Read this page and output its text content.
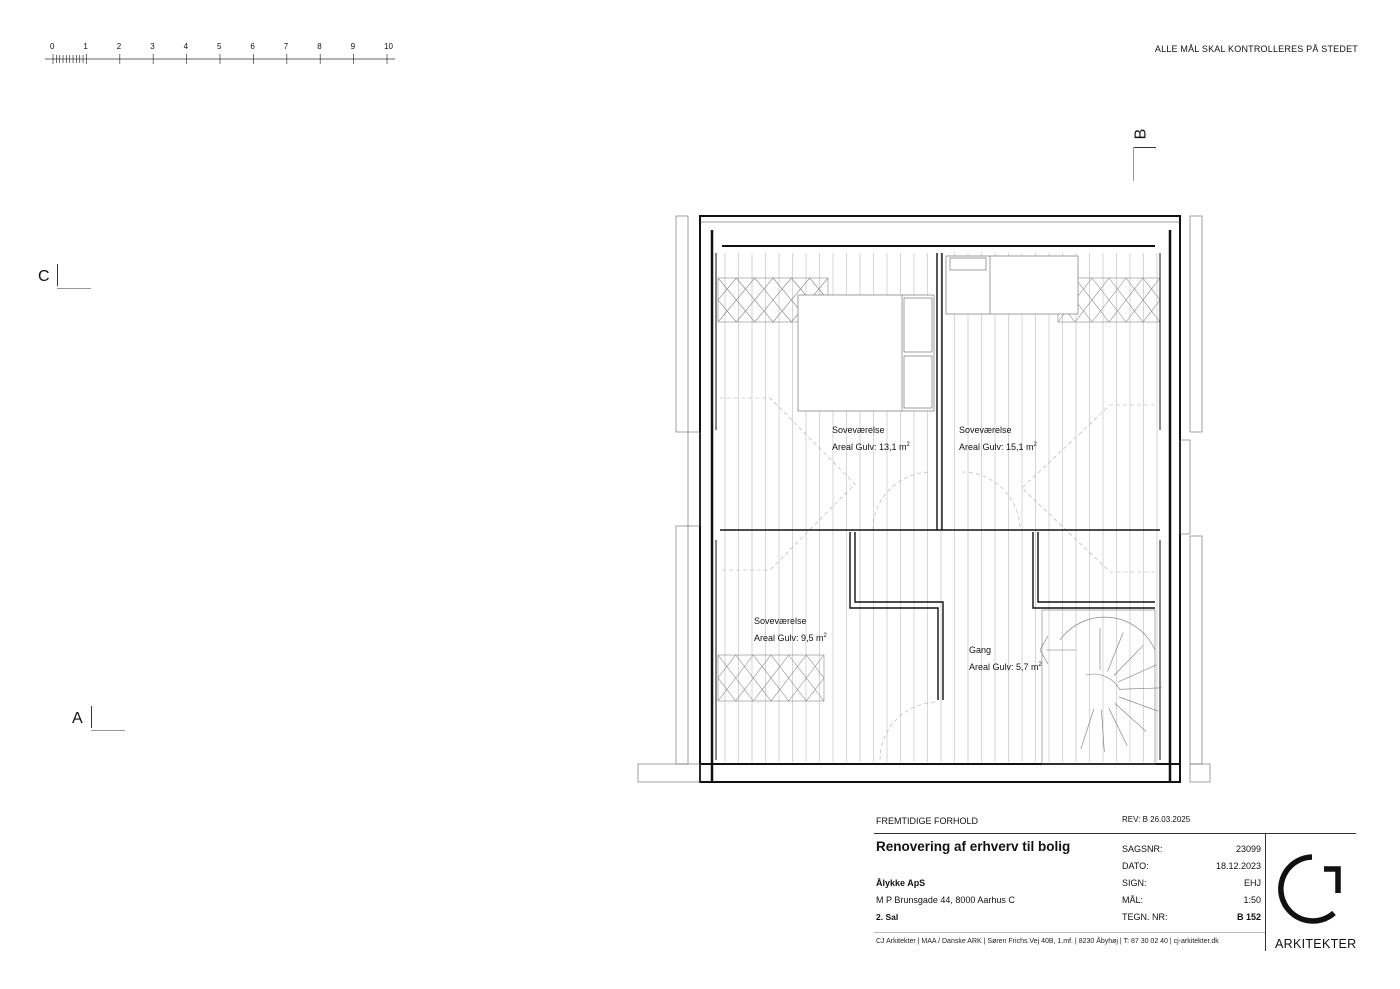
0	1	2	3	4	5	6	7	8	9	10	ALLE MÅL SKAL KONTROLLERES PÅ STEDET
B
C
A
Soveværelse
Areal Gulv: 13,1 $m^2$
Soveværelse
Areal Gulv: 15,1 $m^2$
Soveværelse
Areal Gulv: 9,5 $m^2$
Gang
Areal Gulv: 5,7 $m^2$
FREMTIDIGE FORHOLD	REV: B 26.03.2025
Renovering af erhverv til bolig
Ålykke ApS
M P Brunsgade 44, 8000 Aarhus C
2. Sal
SAGSNR:	23099
DATO:	18.12.2023
SIGN:	EHJ
MÅL:	1:50
TEGN. NR:	B 152
CJ Arkitekter | MAA / Danske ARK | Søren Frichs Vej 40B, 1.mf. | 8230 Åbyhøj | T: 87 30 02 40 | cj-arkitekter.dk	ARKITEKTER
